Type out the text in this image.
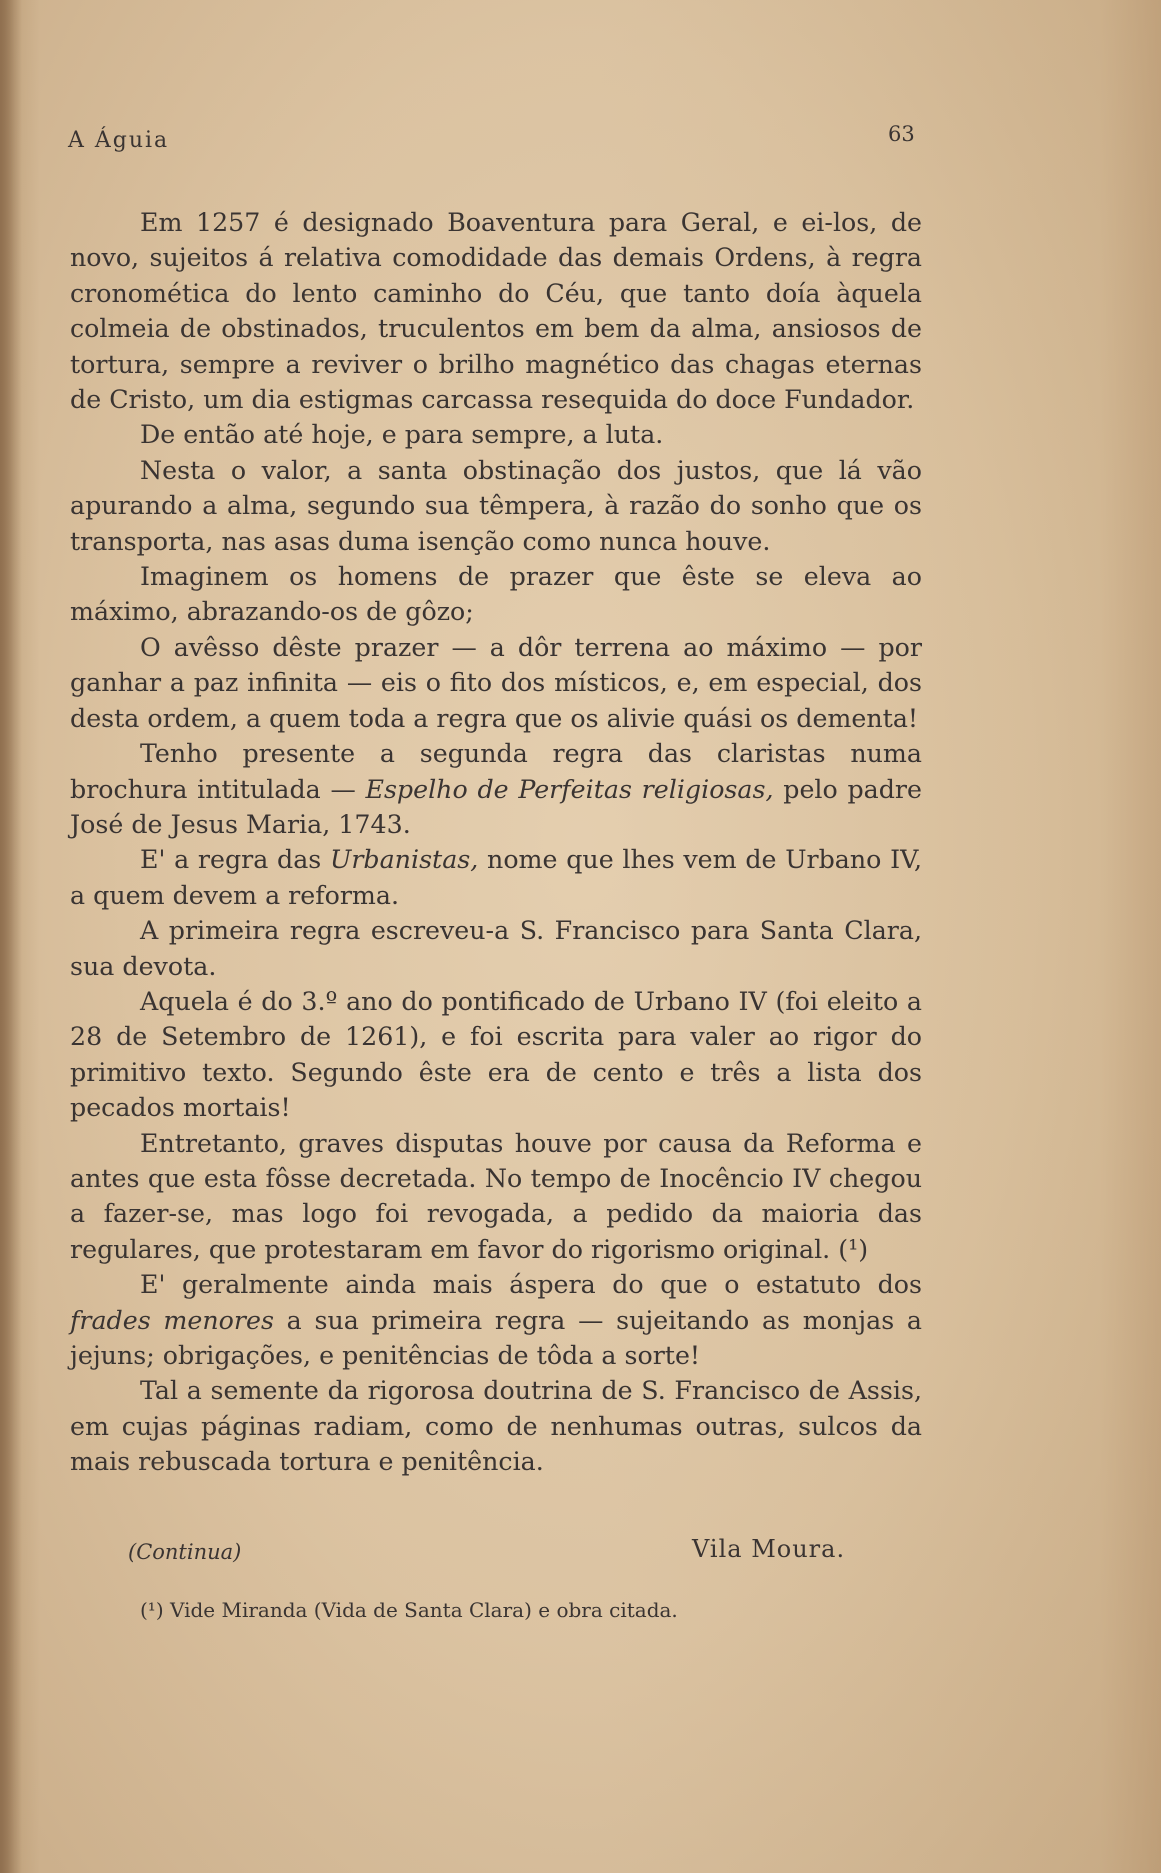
A Águia	63

Em 1257 é designado Boaventura para Geral, e ei-los, de novo, sujeitos á relativa comodidade das demais Ordens, à regra cronomética do lento caminho do Céu, que tanto doía àquela colmeia de obstinados, truculentos em bem da alma, ansiosos de tortura, sempre a reviver o brilho magnético das chagas eternas de Cristo, um dia estigmas carcassa resequida do doce Fundador.

De então até hoje, e para sempre, a luta.

Nesta o valor, a santa obstinação dos justos, que lá vão apurando a alma, segundo sua têmpera, à razão do sonho que os transporta, nas asas duma isenção como nunca houve.

Imaginem os homens de prazer que êste se eleva ao máximo, abrazando-os de gôzo;

O avêsso dêste prazer — a dôr terrena ao máximo — por ganhar a paz infinita — eis o fito dos místicos, e, em especial, dos desta ordem, a quem toda a regra que os alivie quási os dementa!

Tenho presente a segunda regra das claristas numa brochura intitulada — Espelho de Perfeitas religiosas, pelo padre José de Jesus Maria, 1743.

E' a regra das Urbanistas, nome que lhes vem de Urbano IV, a quem devem a reforma.

A primeira regra escreveu-a S. Francisco para Santa Clara, sua devota.

Aquela é do 3.º ano do pontificado de Urbano IV (foi eleito a 28 de Setembro de 1261), e foi escrita para valer ao rigor do primitivo texto. Segundo êste era de cento e três a lista dos pecados mortais!

Entretanto, graves disputas houve por causa da Reforma e antes que esta fôsse decretada. No tempo de Inocêncio IV chegou a fazer-se, mas logo foi revogada, a pedido da maioria das regulares, que protestaram em favor do rigorismo original. (¹)

E' geralmente ainda mais áspera do que o estatuto dos frades menores a sua primeira regra — sujeitando as monjas a jejuns; obrigações, e penitências de tôda a sorte!

Tal a semente da rigorosa doutrina de S. Francisco de Assis, em cujas páginas radiam, como de nenhumas outras, sulcos da mais rebuscada tortura e penitência.

(Continua)	Vila Moura.
(¹) Vide Miranda (Vida de Santa Clara) e obra citada.
